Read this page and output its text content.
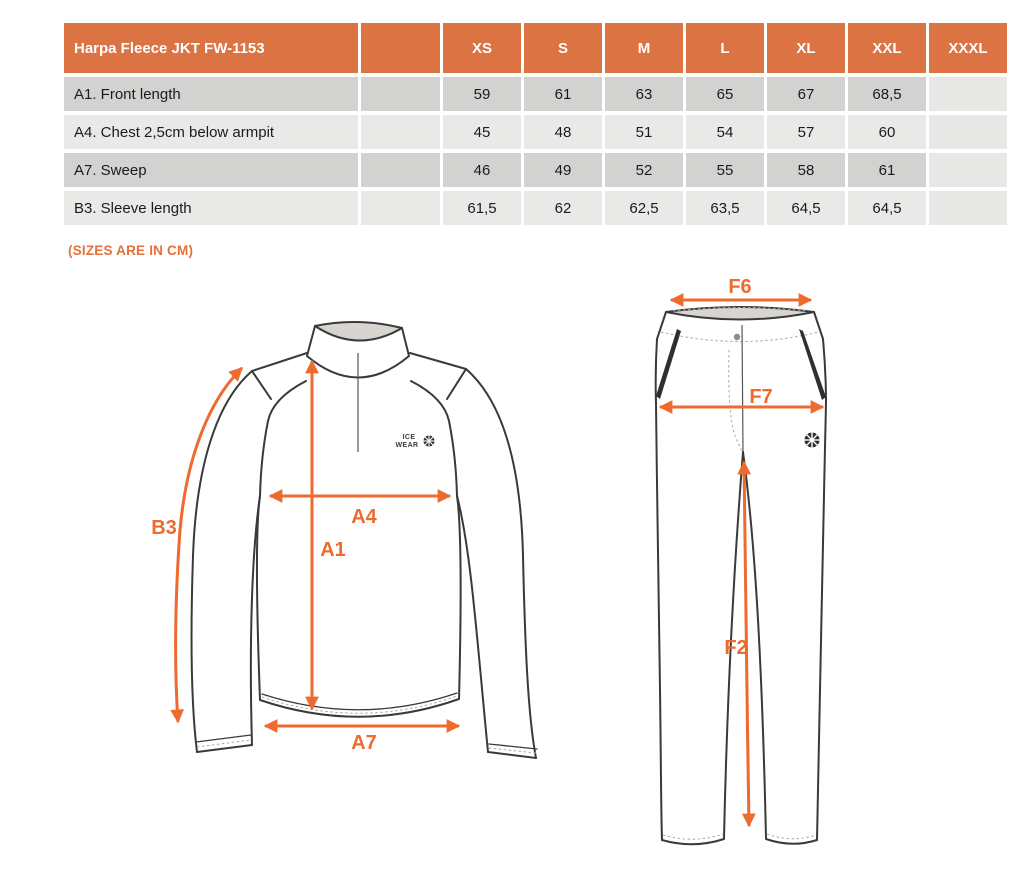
Harpa Fleece JKT FW-1153	XS	S	M	L	XL	XXL	XXXL
A1. Front length	59	61	63	65	67	68,5
A4. Chest 2,5cm below armpit	45	48	51	54	57	60
A7. Sweep	46	49	52	55	58	61
B3. Sleeve length	61,5	62	62,5	63,5	64,5	64,5
(SIZES ARE IN CM)
ICE
WEAR
B3	A4
A1
A7
F6
F7
F2
